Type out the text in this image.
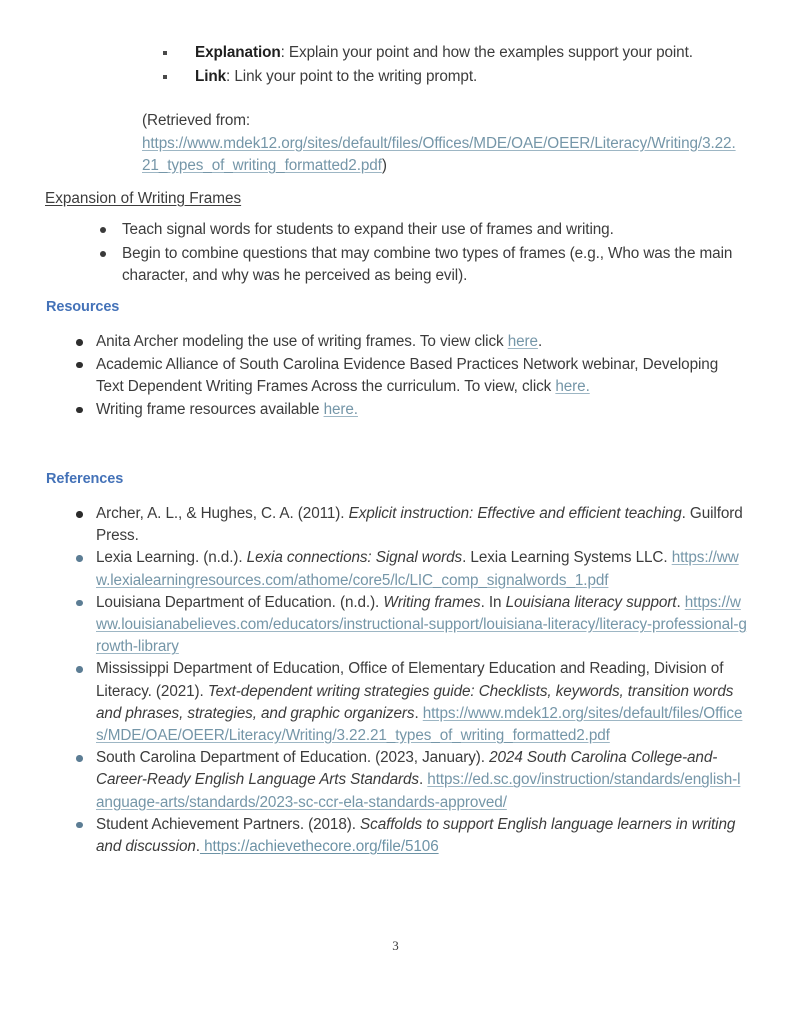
Explanation: Explain your point and how the examples support your point.
Link: Link your point to the writing prompt.
(Retrieved from:
https://www.mdek12.org/sites/default/files/Offices/MDE/OAE/OEER/Literacy/Writing/3.22.21_types_of_writing_formatted2.pdf)
Expansion of Writing Frames
Teach signal words for students to expand their use of frames and writing.
Begin to combine questions that may combine two types of frames (e.g., Who was the main character, and why was he perceived as being evil).
Resources
Anita Archer modeling the use of writing frames. To view click here.
Academic Alliance of South Carolina Evidence Based Practices Network webinar, Developing Text Dependent Writing Frames Across the curriculum. To view, click here.
Writing frame resources available here.
References
Archer, A. L., & Hughes, C. A. (2011). Explicit instruction: Effective and efficient teaching. Guilford Press.
Lexia Learning. (n.d.). Lexia connections: Signal words. Lexia Learning Systems LLC. https://www.lexialearningresources.com/athome/core5/lc/LIC_comp_signalwords_1.pdf
Louisiana Department of Education. (n.d.). Writing frames. In Louisiana literacy support. https://www.louisianabelieves.com/educators/instructional-support/louisiana-literacy/literacy-professional-growth-library
Mississippi Department of Education, Office of Elementary Education and Reading, Division of Literacy. (2021). Text-dependent writing strategies guide: Checklists, keywords, transition words and phrases, strategies, and graphic organizers. https://www.mdek12.org/sites/default/files/Offices/MDE/OAE/OEER/Literacy/Writing/3.22.21_types_of_writing_formatted2.pdf
South Carolina Department of Education. (2023, January). 2024 South Carolina College-and-Career-Ready English Language Arts Standards. https://ed.sc.gov/instruction/standards/english-language-arts/standards/2023-sc-ccr-ela-standards-approved/
Student Achievement Partners. (2018). Scaffolds to support English language learners in writing and discussion. https://achievethecore.org/file/5106
3
